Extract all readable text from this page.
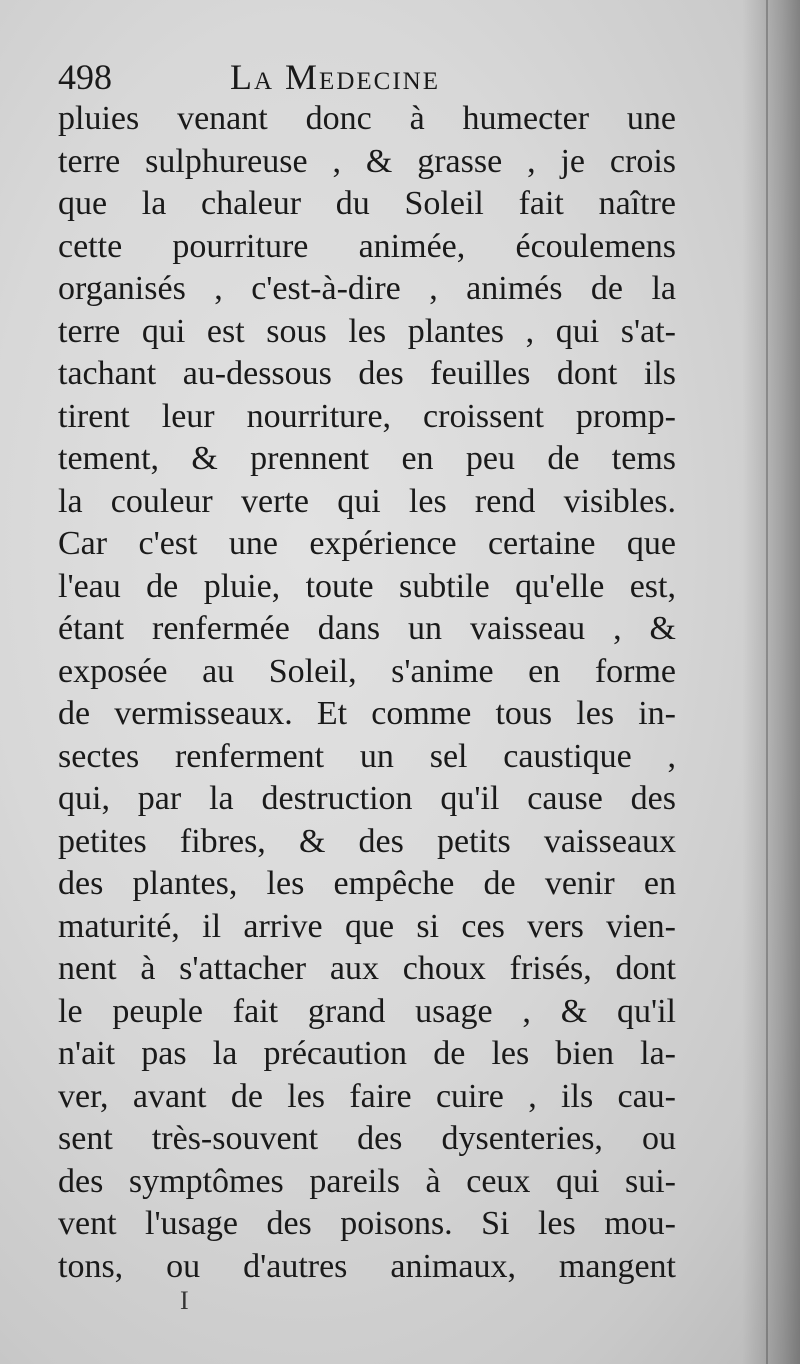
498	La Medecine
pluies venant donc à humecter une
terre sulphureuse , & grasse , je crois
que la chaleur du Soleil fait naître
cette pourriture animée, écoulemens
organisés , c'est-à-dire , animés de la
terre qui est sous les plantes , qui s'at-
tachant au-dessous des feuilles dont ils
tirent leur nourriture, croissent promp-
tement, & prennent en peu de tems
la couleur verte qui les rend visibles.
Car c'est une expérience certaine que
l'eau de pluie, toute subtile qu'elle est,
étant renfermée dans un vaisseau , &
exposée au Soleil, s'anime en forme
de vermisseaux. Et comme tous les in-
sectes renferment un sel caustique ,
qui, par la destruction qu'il cause des
petites fibres, & des petits vaisseaux
des plantes, les empêche de venir en
maturité, il arrive que si ces vers vien-
nent à s'attacher aux choux frisés, dont
le peuple fait grand usage , & qu'il
n'ait pas la précaution de les bien la-
ver, avant de les faire cuire , ils cau-
sent très-souvent des dysenteries, ou
des symptômes pareils à ceux qui sui-
vent l'usage des poisons. Si les mou-
tons, ou d'autres animaux, mangent
I
